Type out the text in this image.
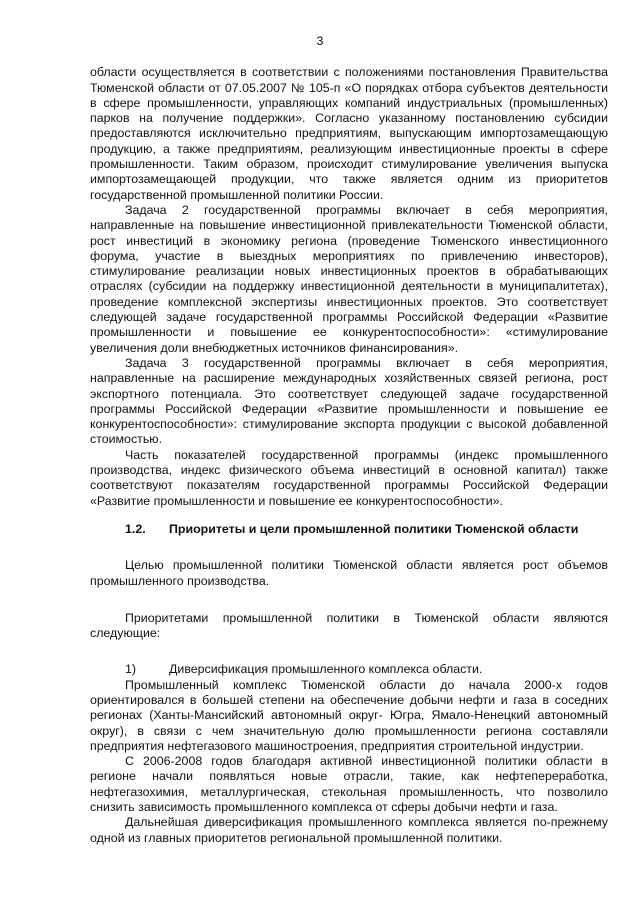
3

области осуществляется в соответствии с положениями постановления Правительства Тюменской области от 07.05.2007 № 105-п «О порядках отбора субъектов деятельности в сфере промышленности, управляющих компаний индустриальных (промышленных) парков на получение поддержки». Согласно указанному постановлению субсидии предоставляются исключительно предприятиям, выпускающим импортозамещающую продукцию, а также предприятиям, реализующим инвестиционные проекты в сфере промышленности. Таким образом, происходит стимулирование увеличения выпуска импортозамещающей продукции, что также является одним из приоритетов государственной промышленной политики России.

Задача 2 государственной программы включает в себя мероприятия, направленные на повышение инвестиционной привлекательности Тюменской области, рост инвестиций в экономику региона (проведение Тюменского инвестиционного форума, участие в выездных мероприятиях по привлечению инвесторов), стимулирование реализации новых инвестиционных проектов в обрабатывающих отраслях (субсидии на поддержку инвестиционной деятельности в муниципалитетах), проведение комплексной экспертизы инвестиционных проектов. Это соответствует следующей задаче государственной программы Российской Федерации «Развитие промышленности и повышение ее конкурентоспособности»: «стимулирование увеличения доли внебюджетных источников финансирования».

Задача 3 государственной программы включает в себя мероприятия, направленные на расширение международных хозяйственных связей региона, рост экспортного потенциала. Это соответствует следующей задаче государственной программы Российской Федерации «Развитие промышленности и повышение ее конкурентоспособности»: стимулирование экспорта продукции с высокой добавленной стоимостью.

Часть показателей государственной программы (индекс промышленного производства, индекс физического объема инвестиций в основной капитал) также соответствуют показателям государственной программы Российской Федерации «Развитие промышленности и повышение ее конкурентоспособности».

1.2. Приоритеты и цели промышленной политики Тюменской области

Целью промышленной политики Тюменской области является рост объемов промышленного производства.

Приоритетами промышленной политики в Тюменской области являются следующие:

1)	Диверсификация промышленного комплекса области.

Промышленный комплекс Тюменской области до начала 2000-х годов ориентировался в большей степени на обеспечение добычи нефти и газа в соседних регионах (Ханты-Мансийский автономный округ- Югра, Ямало-Ненецкий автономный округ), в связи с чем значительную долю промышленности региона составляли предприятия нефтегазового машиностроения, предприятия строительной индустрии.

С 2006-2008 годов благодаря активной инвестиционной политики области в регионе начали появляться новые отрасли, такие, как нефтепереработка, нефтегазохимия, металлургическая, стекольная промышленность, что позволило снизить зависимость промышленного комплекса от сферы добычи нефти и газа.

Дальнейшая диверсификация промышленного комплекса является по-прежнему одной из главных приоритетов региональной промышленной политики.
